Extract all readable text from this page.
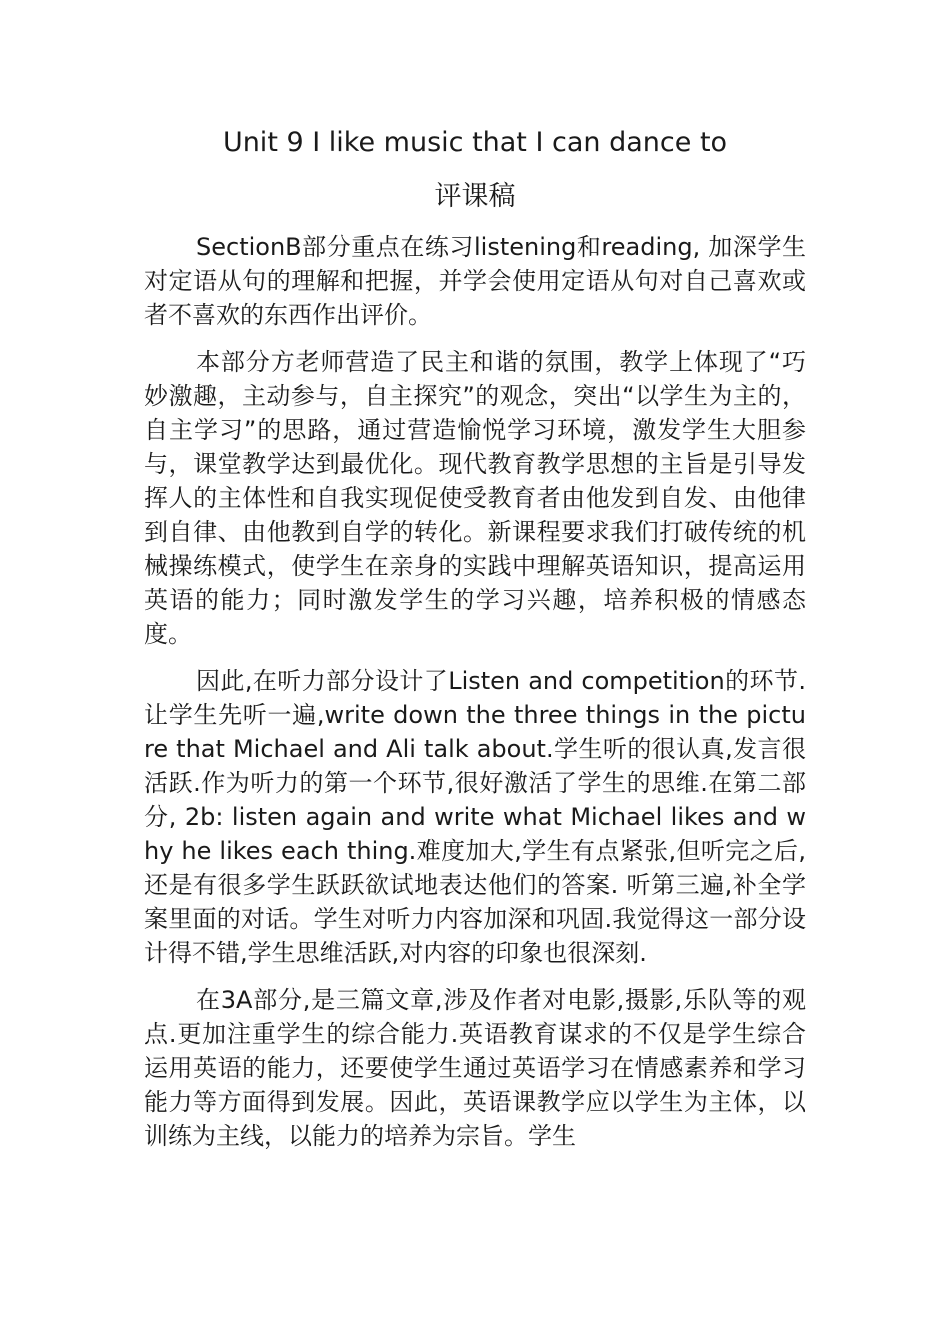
Unit 9 I like music that I can dance to
评课稿

SectionB部分重点在练习listening和reading, 加深学生对定语从句的理解和把握，并学会使用定语从句对自己喜欢或者不喜欢的东西作出评价。

本部分方老师营造了民主和谐的氛围，教学上体现了“巧妙激趣，主动参与，自主探究”的观念，突出“以学生为主的，自主学习”的思路，通过营造愉悦学习环境，激发学生大胆参与，课堂教学达到最优化。现代教育教学思想的主旨是引导发挥人的主体性和自我实现促使受教育者由他发到自发、由他律到自律、由他教到自学的转化。新课程要求我们打破传统的机械操练模式，使学生在亲身的实践中理解英语知识，提高运用英语的能力；同时激发学生的学习兴趣，培养积极的情感态度。

因此,在听力部分设计了Listen and competition的环节.让学生先听一遍,write down the three things in the picture that Michael and Ali talk about.学生听的很认真,发言很活跃.作为听力的第一个环节,很好激活了学生的思维.在第二部分, 2b: listen again and write what Michael likes and why he likes each thing.难度加大,学生有点紧张,但听完之后,还是有很多学生跃跃欲试地表达他们的答案. 听第三遍,补全学案里面的对话。学生对听力内容加深和巩固.我觉得这一部分设计得不错,学生思维活跃,对内容的印象也很深刻.

在3A部分,是三篇文章,涉及作者对电影,摄影,乐队等的观点.更加注重学生的综合能力.英语教育谋求的不仅是学生综合运用英语的能力，还要使学生通过英语学习在情感素养和学习能力等方面得到发展。因此，英语课教学应以学生为主体，以训练为主线，以能力的培养为宗旨。学生
